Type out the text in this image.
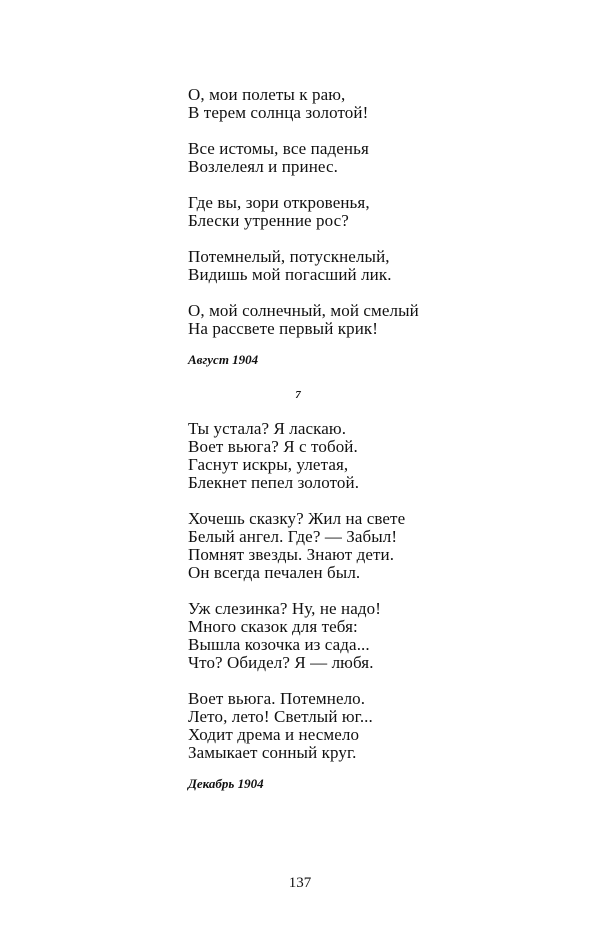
О, мои полеты к раю,
В терем солнца золотой!
Все истомы, все паденья
Возлелеял и принес.
Где вы, зори откровенья,
Блески утренние рос?
Потемнелый, потускнелый,
Видишь мой погасший лик.
О, мой солнечный, мой смелый
На рассвете первый крик!
Август 1904
7
Ты устала? Я ласкаю.
Воет вьюга? Я с тобой.
Гаснут искры, улетая,
Блекнет пепел золотой.
Хочешь сказку? Жил на свете
Белый ангел. Где? — Забыл!
Помнят звезды. Знают дети.
Он всегда печален был.
Уж слезинка? Ну, не надо!
Много сказок для тебя:
Вышла козочка из сада...
Что? Обидел? Я — любя.
Воет вьюга. Потемнело.
Лето, лето! Светлый юг...
Ходит дрема и несмело
Замыкает сонный круг.
Декабрь 1904
137
